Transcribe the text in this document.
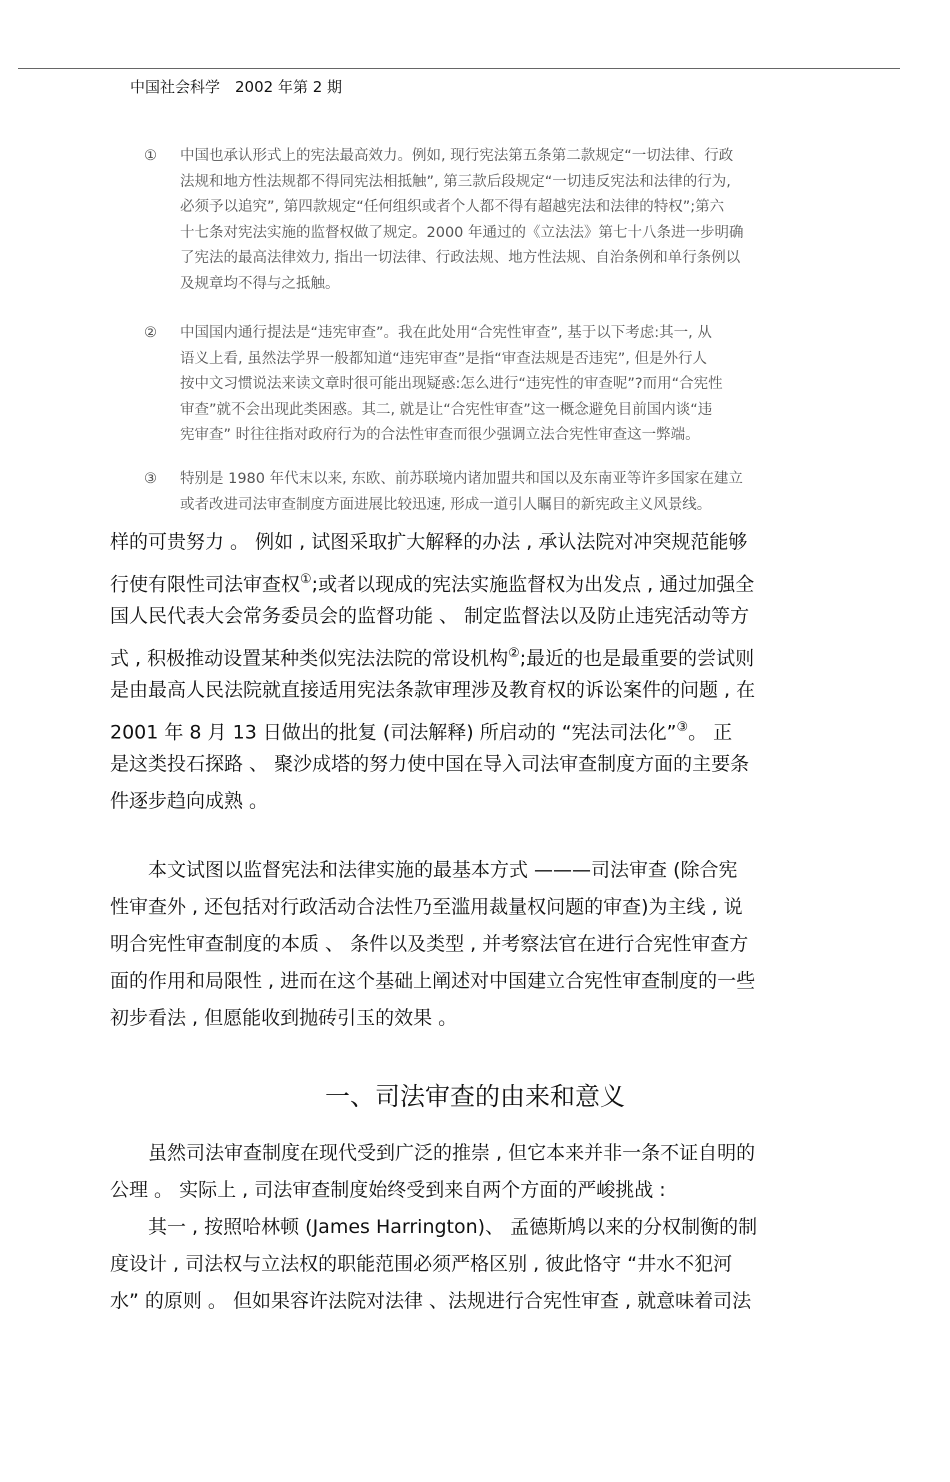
中国社会科学　2002 年第 2 期
①	中国也承认形式上的宪法最高效力。例如, 现行宪法第五条第二款规定“一切法律、行政
法规和地方性法规都不得同宪法相抵触”, 第三款后段规定“一切违反宪法和法律的行为,
必须予以追究”, 第四款规定“任何组织或者个人都不得有超越宪法和法律的特权”;第六
十七条对宪法实施的监督权做了规定。2000 年通过的《立法法》第七十八条进一步明确
了宪法的最高法律效力, 指出一切法律、行政法规、地方性法规、自治条例和单行条例以
及规章均不得与之抵触。
②	中国国内通行提法是“违宪审查”。我在此处用“合宪性审查”, 基于以下考虑:其一, 从
语义上看, 虽然法学界一般都知道“违宪审查”是指“审查法规是否违宪”, 但是外行人
按中文习惯说法来读文章时很可能出现疑惑:怎么进行“违宪性的审查呢”?而用“合宪性
审查”就不会出现此类困惑。其二, 就是让“合宪性审查”这一概念避免目前国内谈“违
宪审查” 时往往指对政府行为的合法性审查而很少强调立法合宪性审查这一弊端。
③	特别是 1980 年代末以来, 东欧、前苏联境内诸加盟共和国以及东南亚等许多国家在建立
或者改进司法审查制度方面进展比较迅速, 形成一道引人瞩目的新宪政主义风景线。
样的可贵努力 。 例如 , 试图采取扩大解释的办法 , 承认法院对冲突规范能够
行使有限性司法审查权①;或者以现成的宪法实施监督权为出发点 , 通过加强全
国人民代表大会常务委员会的监督功能 、 制定监督法以及防止违宪活动等方
式 , 积极推动设置某种类似宪法法院的常设机构②;最近的也是最重要的尝试则
是由最高人民法院就直接适用宪法条款审理涉及教育权的诉讼案件的问题 , 在
2001 年 8 月 13 日做出的批复 (司法解释) 所启动的 “宪法司法化”③。 正
是这类投石探路 、 聚沙成塔的努力使中国在导入司法审查制度方面的主要条
件逐步趋向成熟 。
　　本文试图以监督宪法和法律实施的最基本方式 ———司法审查 (除合宪
性审查外 , 还包括对行政活动合法性乃至滥用裁量权问题的审查)为主线 , 说
明合宪性审查制度的本质 、 条件以及类型 , 并考察法官在进行合宪性审查方
面的作用和局限性 , 进而在这个基础上阐述对中国建立合宪性审查制度的一些
初步看法 , 但愿能收到抛砖引玉的效果 。
一、司法审查的由来和意义
　　虽然司法审查制度在现代受到广泛的推崇 , 但它本来并非一条不证自明的
公理 。 实际上 , 司法审查制度始终受到来自两个方面的严峻挑战 :
　　其一 , 按照哈林顿 (James Harrington)、 孟德斯鸠以来的分权制衡的制
度设计 , 司法权与立法权的职能范围必须严格区别 , 彼此恪守 “井水不犯河
水” 的原则 。 但如果容许法院对法律 、法规进行合宪性审查 , 就意味着司法
